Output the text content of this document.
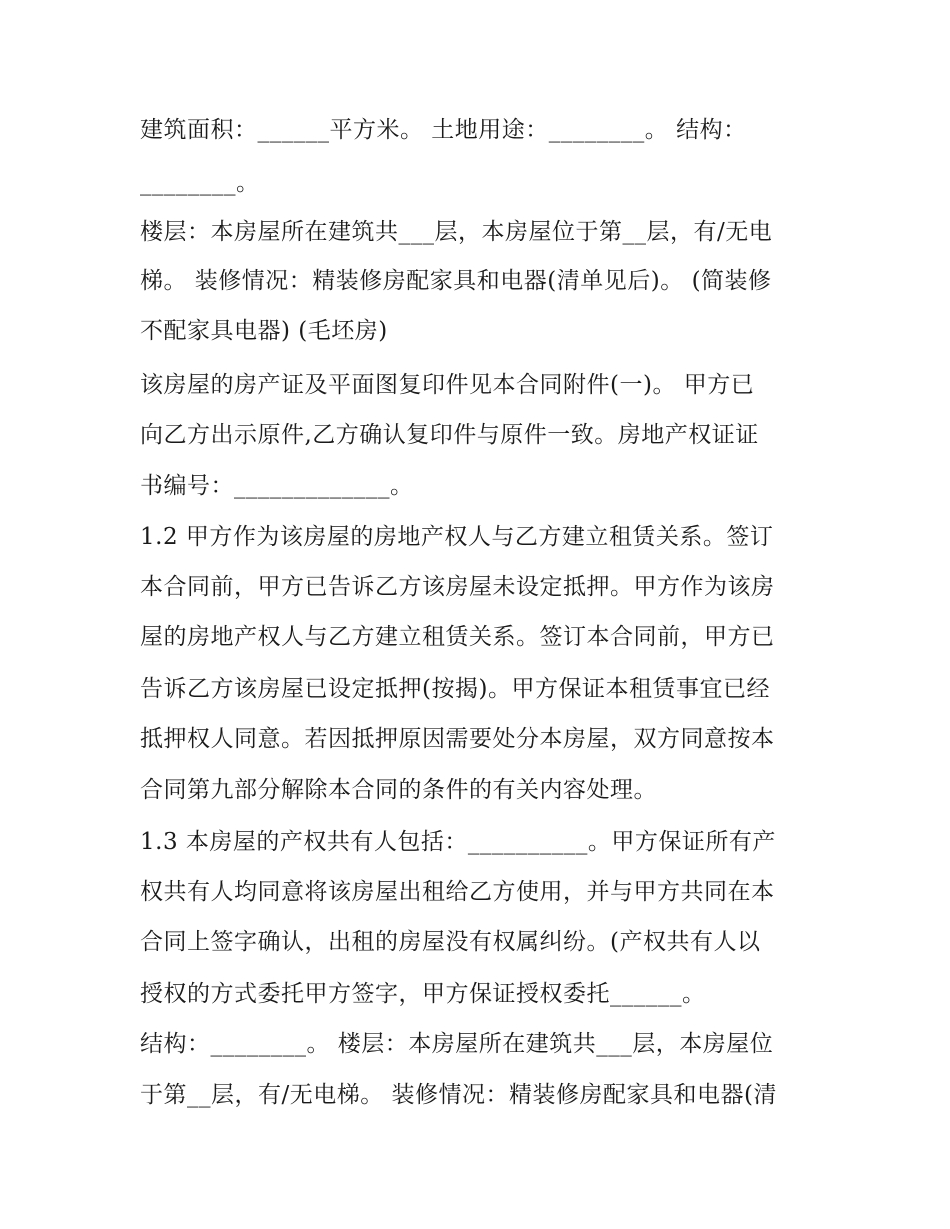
建筑面积：______平方米。 土地用途：________。 结构：
________。
楼层：本房屋所在建筑共___层，本房屋位于第__层，有/无电
梯。 装修情况：精装修房配家具和电器(清单见后)。 (简装修
不配家具电器) (毛坯房)
该房屋的房产证及平面图复印件见本合同附件(一)。 甲方已
向乙方出示原件,乙方确认复印件与原件一致。房地产权证证
书编号：_____________。
1.2 甲方作为该房屋的房地产权人与乙方建立租赁关系。签订
本合同前，甲方已告诉乙方该房屋未设定抵押。甲方作为该房
屋的房地产权人与乙方建立租赁关系。签订本合同前，甲方已
告诉乙方该房屋已设定抵押(按揭)。甲方保证本租赁事宜已经
抵押权人同意。若因抵押原因需要处分本房屋，双方同意按本
合同第九部分解除本合同的条件的有关内容处理。
1.3 本房屋的产权共有人包括：__________。甲方保证所有产
权共有人均同意将该房屋出租给乙方使用，并与甲方共同在本
合同上签字确认，出租的房屋没有权属纠纷。(产权共有人以
授权的方式委托甲方签字，甲方保证授权委托______。
结构：________。 楼层：本房屋所在建筑共___层，本房屋位
于第__层，有/无电梯。 装修情况：精装修房配家具和电器(清
